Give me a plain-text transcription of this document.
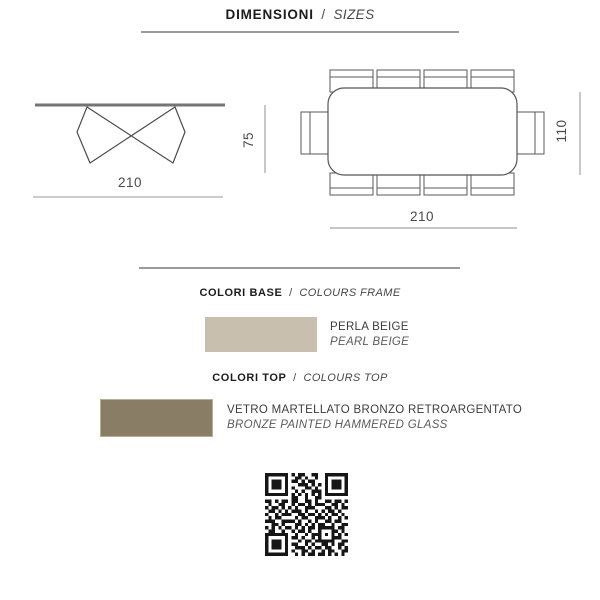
DIMENSIONI / SIZES
210
75	110
210
COLORI BASE / COLOURS FRAME
PERLA BEIGE
PEARL BEIGE
COLORI TOP / COLOURS TOP
VETRO MARTELLATO BRONZO RETROARGENTATO
BRONZE PAINTED HAMMERED GLASS
